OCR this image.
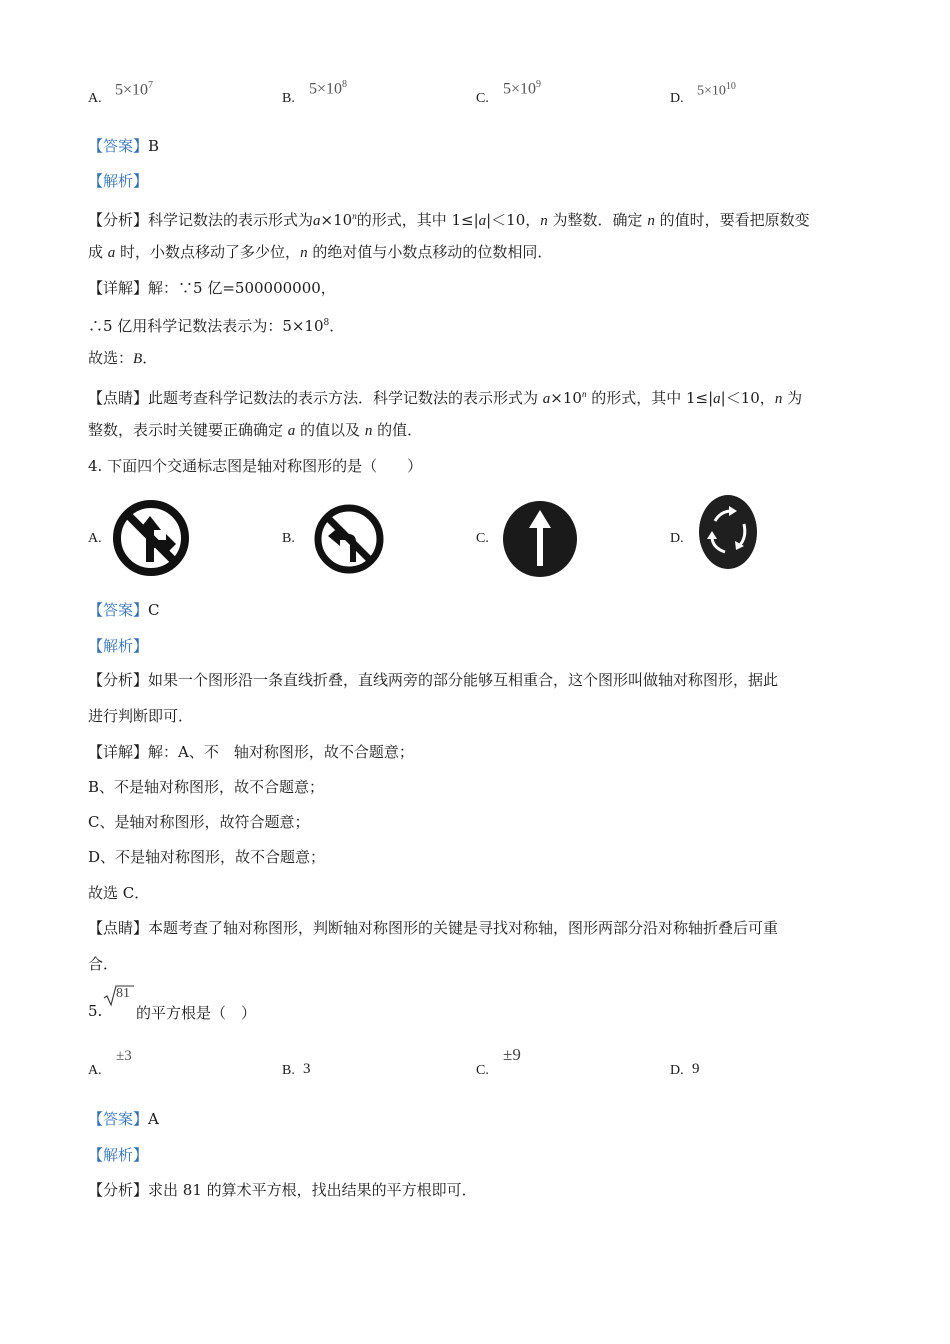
A.
$5\times 10^7$
B.
$5\times 10^8$
C.
$5\times 10^9$
D. $5\times 10^{10}$
【答案】B
【解析】
【分析】科学记数法的表示形式为$a\times 10^n$的形式，其中 1≤|a|＜10，n 为整数．确定 n 的值时，要看把原数变
成 a 时，小数点移动了多少位，n 的绝对值与小数点移动的位数相同．
【详解】解：∵5 亿=500000000，
∴5 亿用科学记数法表示为：$5\times 10^8$．
故选：B．
【点睛】此题考查科学记数法的表示方法．科学记数法的表示形式为 $a\times 10^n$ 的形式，其中 1≤|a|＜10，n 为
整数，表示时关键要正确确定 a 的值以及 n 的值．
4. 下面四个交通标志图是轴对称图形的是（　　）
A.	B.	C.	D.
【答案】C
【解析】
【分析】如果一个图形沿一条直线折叠，直线两旁的部分能够互相重合，这个图形叫做轴对称图形，据此
进行判断即可．
【详解】解：A、不　轴对称图形，故不合题意；
B、不是轴对称图形，故不合题意；
C、是轴对称图形，故符合题意；
D、不是轴对称图形，故不合题意；
故选 C．
【点睛】本题考查了轴对称图形，判断轴对称图形的关键是寻找对称轴，图形两部分沿对称轴折叠后可重
合．
5.
81
的平方根是（　）
A.
±3
B. 3	C.
±9
D. 9
【答案】A
【解析】
【分析】求出 81 的算术平方根，找出结果的平方根即可．
